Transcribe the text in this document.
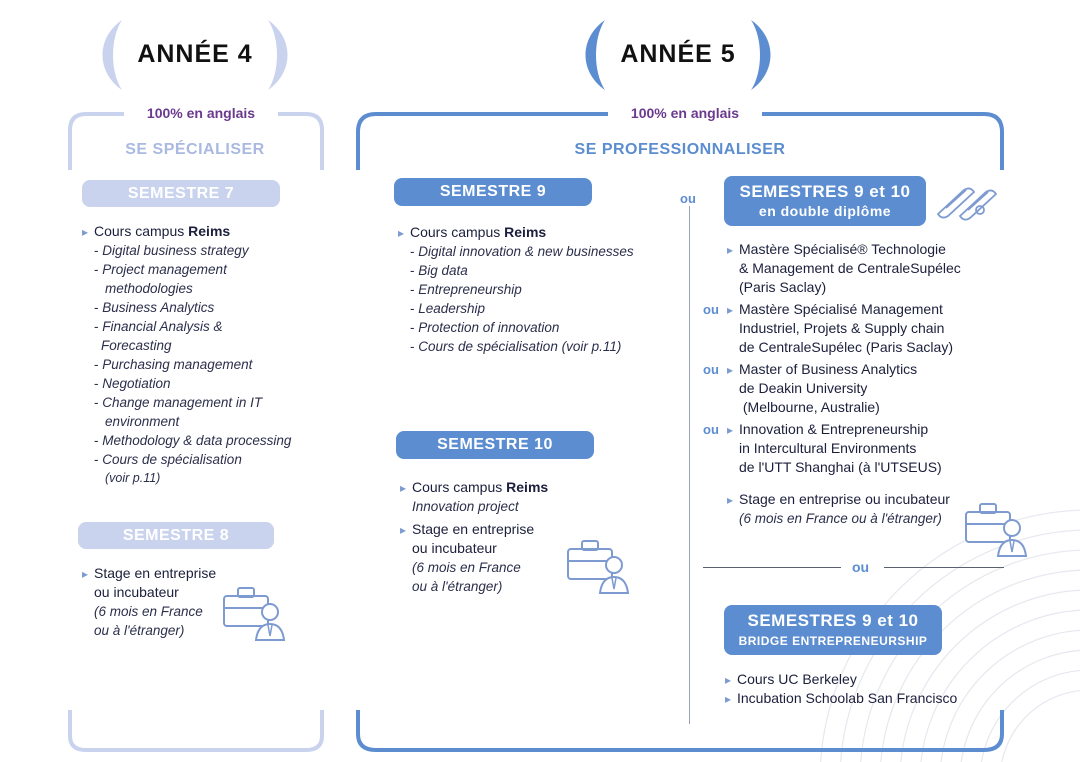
ANNÉE 4
100% en anglais
SE SPÉCIALISER
SEMESTRE 7
▸ Cours campus Reims
- Digital business strategy
- Project management
methodologies
- Business Analytics
- Financial Analysis &
Forecasting
- Purchasing management
- Negotiation
- Change management in IT
environment
- Methodology & data processing
- Cours de spécialisation
(voir p.11)
SEMESTRE 8
▸ Stage en entreprise
ou incubateur
(6 mois en France
ou à l'étranger)
ANNÉE 5
100% en anglais
SE PROFESSIONNALISER
ou
SEMESTRE 9
▸ Cours campus Reims
- Digital innovation & new businesses
- Big data
- Entrepreneurship
- Leadership
- Protection of innovation
- Cours de spécialisation (voir p.11)
SEMESTRE 10
▸ Cours campus Reims
Innovation project
▸ Stage en entreprise
ou incubateur
(6 mois en France
ou à l'étranger)
SEMESTRES 9 et 10
en double diplôme
Mastère Spécialisé® Technologie
& Management de CentraleSupélec
(Paris Saclay)
ou Mastère Spécialisé Management
Industriel, Projets & Supply chain
de CentraleSupélec (Paris Saclay)
ou Master of Business Analytics
de Deakin University
(Melbourne, Australie)
ou Innovation & Entrepreneurship
in Intercultural Environments
de l'UTT Shanghai (à l'UTSEUS)
Stage en entreprise ou incubateur
(6 mois en France ou à l'étranger)
ou
SEMESTRES 9 et 10
BRIDGE ENTREPRENEURSHIP
▸ Cours UC Berkeley
▸ Incubation Schoolab San Francisco
